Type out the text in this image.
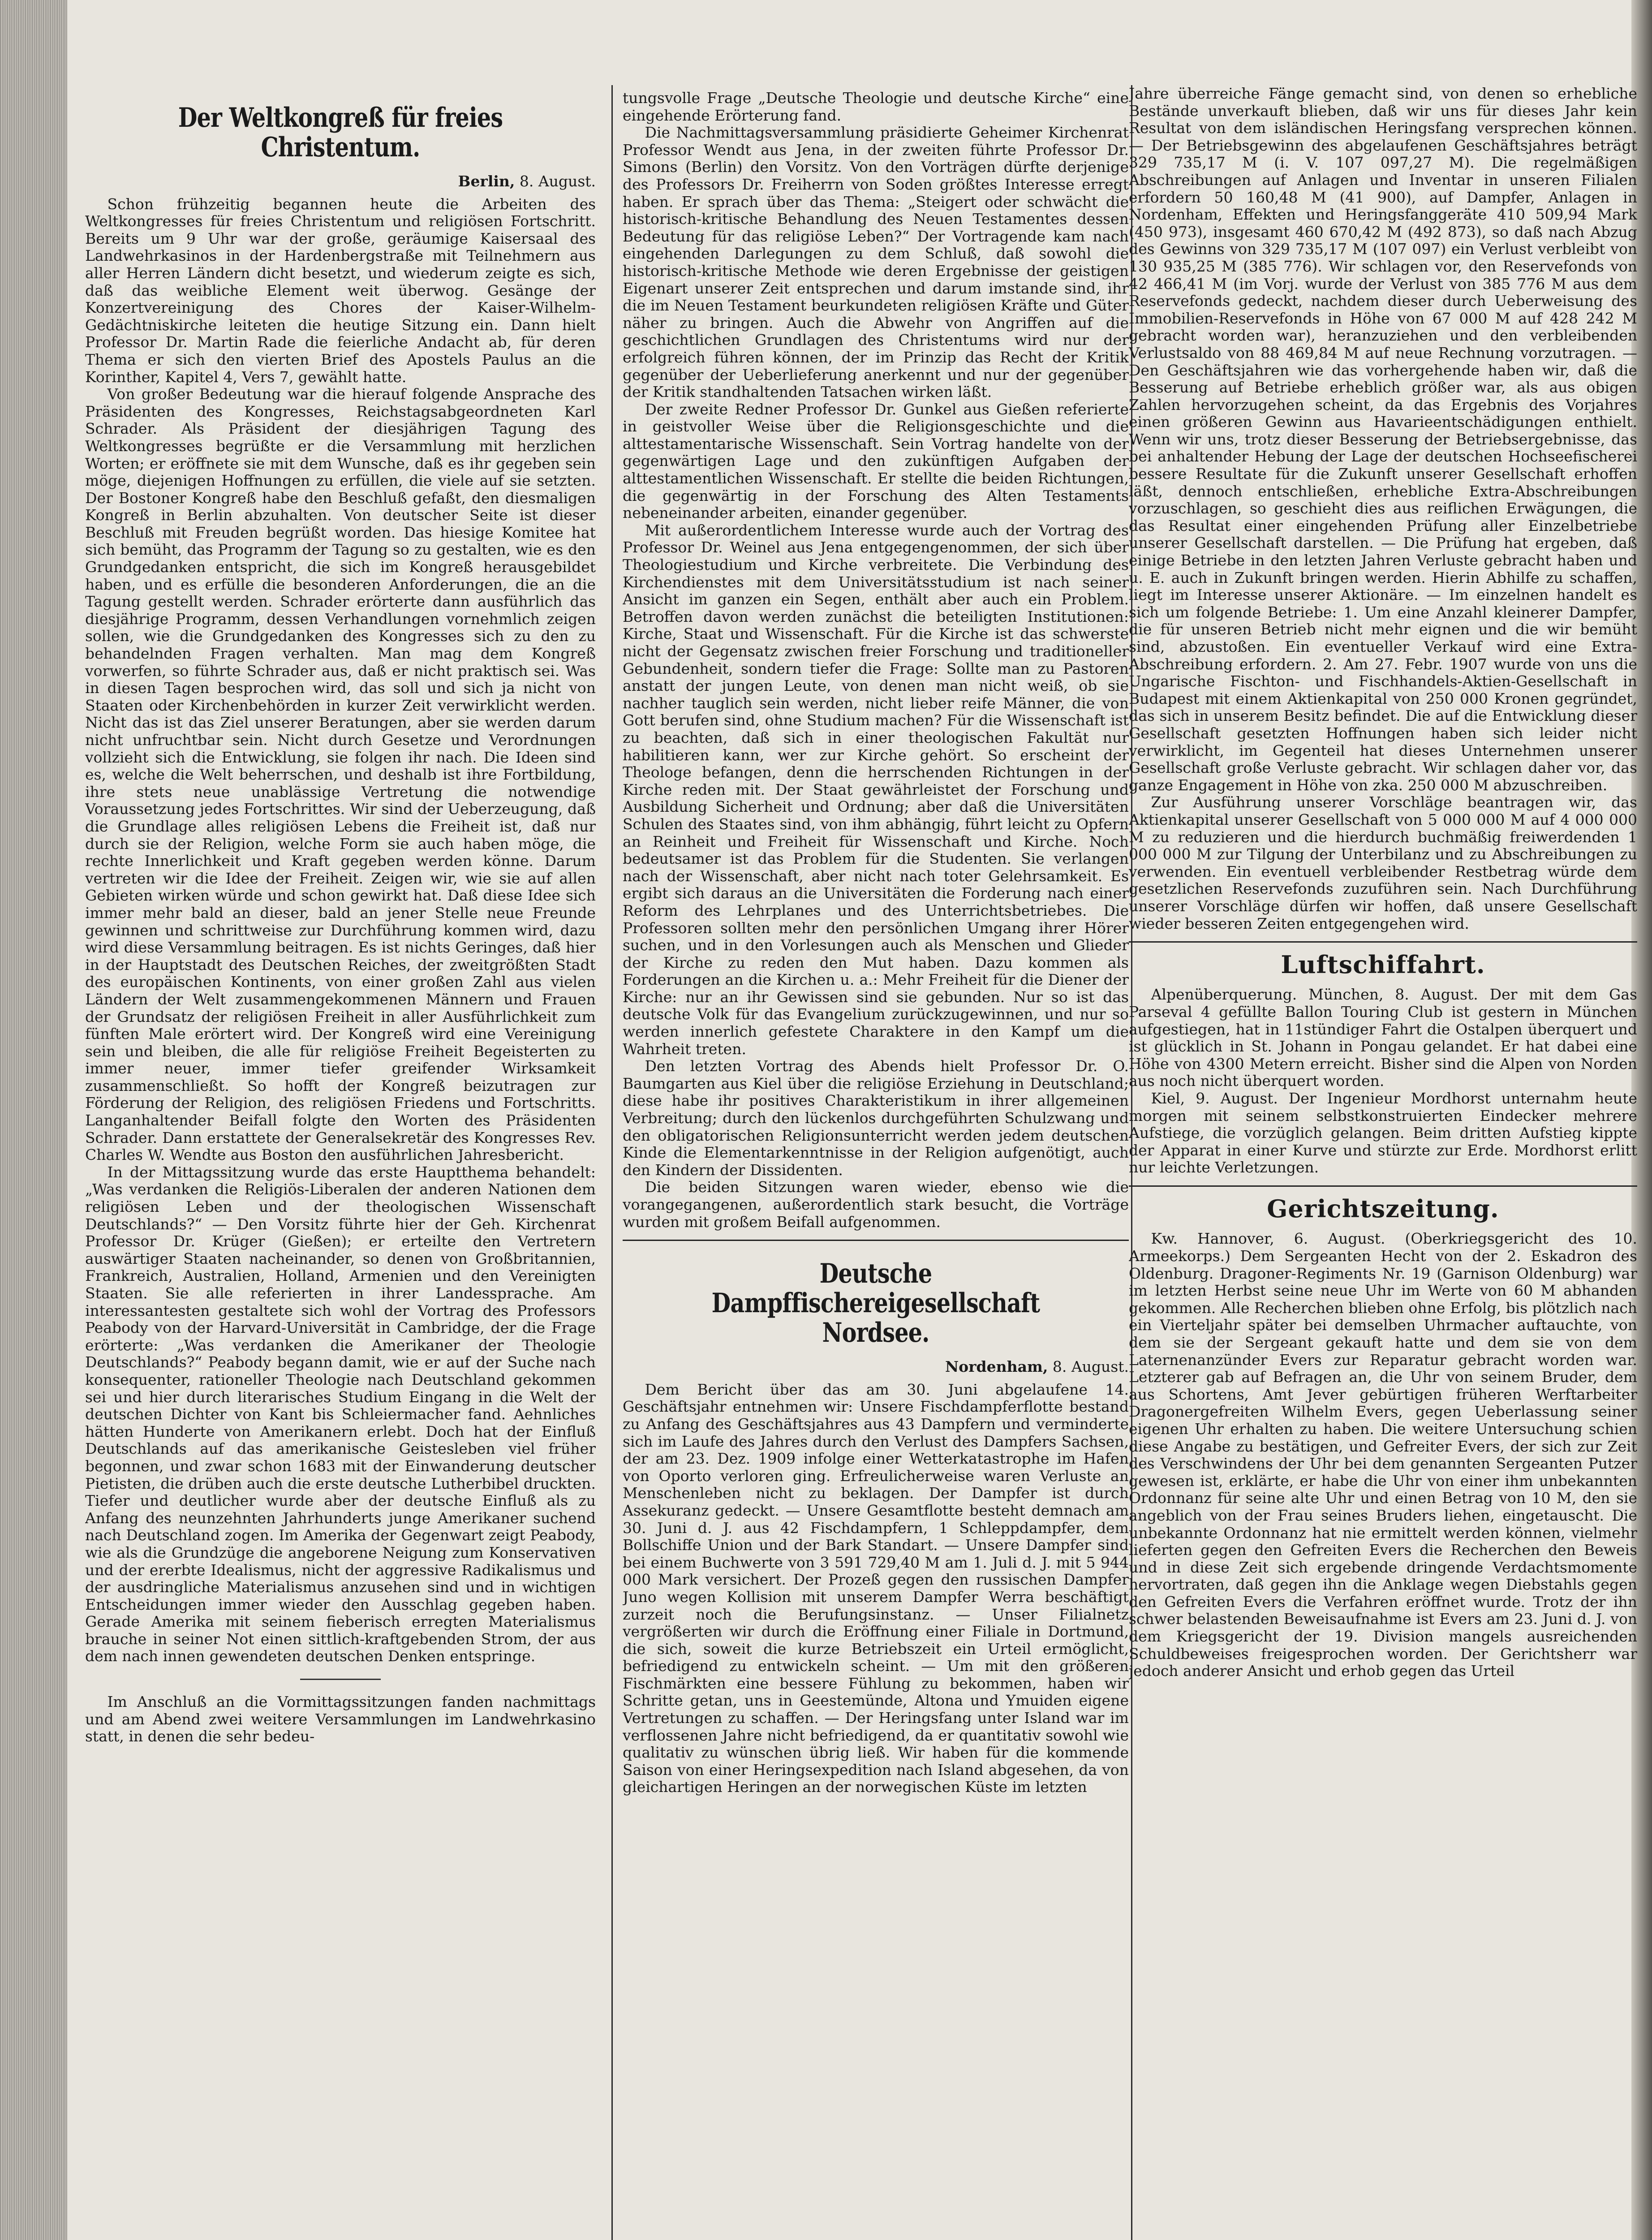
Der Weltkongreß für freies Christentum.
Berlin, 8. August.

Schon frühzeitig begannen heute die Arbeiten des Weltkongresses für freies Christentum und religiösen Fortschritt. Bereits um 9 Uhr war der große, geräumige Kaisersaal des Landwehrkasinos in der Hardenbergstraße mit Teilnehmern aus aller Herren Ländern dicht besetzt, und wiederum zeigte es sich, daß das weibliche Element weit überwog. Gesänge der Konzertvereinigung des Chores der Kaiser-Wilhelm-Gedächtniskirche leiteten die heutige Sitzung ein. Dann hielt Professor Dr. Martin Rade die feierliche Andacht ab, für deren Thema er sich den vierten Brief des Apostels Paulus an die Korinther, Kapitel 4, Vers 7, gewählt hatte.

Von großer Bedeutung war die hierauf folgende Ansprache des Präsidenten des Kongresses, Reichstagsabgeordneten Karl Schrader. Als Präsident der diesjährigen Tagung des Weltkongresses begrüßte er die Versammlung mit herzlichen Worten; er eröffnete sie mit dem Wunsche, daß es ihr gegeben sein möge, diejenigen Hoffnungen zu erfüllen, die viele auf sie setzten. Der Bostoner Kongreß habe den Beschluß gefaßt, den diesmaligen Kongreß in Berlin abzuhalten. Von deutscher Seite ist dieser Beschluß mit Freuden begrüßt worden. Das hiesige Komitee hat sich bemüht, das Programm der Tagung so zu gestalten, wie es den Grundgedanken entspricht, die sich im Kongreß herausgebildet haben, und es erfülle die besonderen Anforderungen, die an die Tagung gestellt werden. Schrader erörterte dann ausführlich das diesjährige Programm, dessen Verhandlungen vornehmlich zeigen sollen, wie die Grundgedanken des Kongresses sich zu den zu behandelnden Fragen verhalten. Man mag dem Kongreß vorwerfen, so führte Schrader aus, daß er nicht praktisch sei. Was in diesen Tagen besprochen wird, das soll und sich ja nicht von Staaten oder Kirchenbehörden in kurzer Zeit verwirklicht werden. Nicht das ist das Ziel unserer Beratungen, aber sie werden darum nicht unfruchtbar sein. Nicht durch Gesetze und Verordnungen vollzieht sich die Entwicklung, sie folgen ihr nach. Die Ideen sind es, welche die Welt beherrschen, und deshalb ist ihre Fortbildung, ihre stets neue unablässige Vertretung die notwendige Voraussetzung jedes Fortschrittes. Wir sind der Ueberzeugung, daß die Grundlage alles religiösen Lebens die Freiheit ist, daß nur durch sie der Religion, welche Form sie auch haben möge, die rechte Innerlichkeit und Kraft gegeben werden könne. Darum vertreten wir die Idee der Freiheit. Zeigen wir, wie sie auf allen Gebieten wirken würde und schon gewirkt hat. Daß diese Idee sich immer mehr bald an dieser, bald an jener Stelle neue Freunde gewinnen und schrittweise zur Durchführung kommen wird, dazu wird diese Versammlung beitragen. Es ist nichts Geringes, daß hier in der Hauptstadt des Deutschen Reiches, der zweitgrößten Stadt des europäischen Kontinents, von einer großen Zahl aus vielen Ländern der Welt zusammengekommenen Männern und Frauen der Grundsatz der religiösen Freiheit in aller Ausführlichkeit zum fünften Male erörtert wird. Der Kongreß wird eine Vereinigung sein und bleiben, die alle für religiöse Freiheit Begeisterten zu immer neuer, immer tiefer greifender Wirksamkeit zusammenschließt. So hofft der Kongreß beizutragen zur Förderung der Religion, des religiösen Friedens und Fortschritts. Langanhaltender Beifall folgte den Worten des Präsidenten Schrader. Dann erstattete der Generalsekretär des Kongresses Rev. Charles W. Wendte aus Boston den ausführlichen Jahresbericht.

In der Mittagssitzung wurde das erste Hauptthema behandelt: „Was verdanken die Religiös-Liberalen der anderen Nationen dem religiösen Leben und der theologischen Wissenschaft Deutschlands?“ — Den Vorsitz führte hier der Geh. Kirchenrat Professor Dr. Krüger (Gießen); er erteilte den Vertretern auswärtiger Staaten nacheinander, so denen von Großbritannien, Frankreich, Australien, Holland, Armenien und den Vereinigten Staaten. Sie alle referierten in ihrer Landessprache. Am interessantesten gestaltete sich wohl der Vortrag des Professors Peabody von der Harvard-Universität in Cambridge, der die Frage erörterte: „Was verdanken die Amerikaner der Theologie Deutschlands?“ Peabody begann damit, wie er auf der Suche nach konsequenter, rationeller Theologie nach Deutschland gekommen sei und hier durch literarisches Studium Eingang in die Welt der deutschen Dichter von Kant bis Schleiermacher fand. Aehnliches hätten Hunderte von Amerikanern erlebt. Doch hat der Einfluß Deutschlands auf das amerikanische Geistesleben viel früher begonnen, und zwar schon 1683 mit der Einwanderung deutscher Pietisten, die drüben auch die erste deutsche Lutherbibel druckten. Tiefer und deutlicher wurde aber der deutsche Einfluß als zu Anfang des neunzehnten Jahrhunderts junge Amerikaner suchend nach Deutschland zogen. Im Amerika der Gegenwart zeigt Peabody, wie als die Grundzüge die angeborene Neigung zum Konservativen und der ererbte Idealismus, nicht der aggressive Radikalismus und der ausdringliche Materialismus anzusehen sind und in wichtigen Entscheidungen immer wieder den Ausschlag gegeben haben. Gerade Amerika mit seinem fieberisch erregten Materialismus brauche in seiner Not einen sittlich-kraftgebenden Strom, der aus dem nach innen gewendeten deutschen Denken entspringe.

Im Anschluß an die Vormittagssitzungen fanden nachmittags und am Abend zwei weitere Versammlungen im Landwehrkasino statt, in denen die sehr bedeu-

tungsvolle Frage „Deutsche Theologie und deutsche Kirche“ eine eingehende Erörterung fand.

Die Nachmittagsversammlung präsidierte Geheimer Kirchenrat Professor Wendt aus Jena, in der zweiten führte Professor Dr. Simons (Berlin) den Vorsitz. Von den Vorträgen dürfte derjenige des Professors Dr. Freiherrn von Soden größtes Interesse erregt haben. Er sprach über das Thema: „Steigert oder schwächt die historisch-kritische Behandlung des Neuen Testamentes dessen Bedeutung für das religiöse Leben?“ Der Vortragende kam nach eingehenden Darlegungen zu dem Schluß, daß sowohl die historisch-kritische Methode wie deren Ergebnisse der geistigen Eigenart unserer Zeit entsprechen und darum imstande sind, ihr die im Neuen Testament beurkundeten religiösen Kräfte und Güter näher zu bringen. Auch die Abwehr von Angriffen auf die geschichtlichen Grundlagen des Christentums wird nur der erfolgreich führen können, der im Prinzip das Recht der Kritik gegenüber der Ueberlieferung anerkennt und nur der gegenüber der Kritik standhaltenden Tatsachen wirken läßt.

Der zweite Redner Professor Dr. Gunkel aus Gießen referierte in geistvoller Weise über die Religionsgeschichte und die alttestamentarische Wissenschaft. Sein Vortrag handelte von der gegenwärtigen Lage und den zukünftigen Aufgaben der alttestamentlichen Wissenschaft. Er stellte die beiden Richtungen, die gegenwärtig in der Forschung des Alten Testaments nebeneinander arbeiten, einander gegenüber.

Mit außerordentlichem Interesse wurde auch der Vortrag des Professor Dr. Weinel aus Jena entgegengenommen, der sich über Theologiestudium und Kirche verbreitete. Die Verbindung des Kirchendienstes mit dem Universitätsstudium ist nach seiner Ansicht im ganzen ein Segen, enthält aber auch ein Problem. Betroffen davon werden zunächst die beteiligten Institutionen: Kirche, Staat und Wissenschaft. Für die Kirche ist das schwerste nicht der Gegensatz zwischen freier Forschung und traditioneller Gebundenheit, sondern tiefer die Frage: Sollte man zu Pastoren anstatt der jungen Leute, von denen man nicht weiß, ob sie nachher tauglich sein werden, nicht lieber reife Männer, die von Gott berufen sind, ohne Studium machen? Für die Wissenschaft ist zu beachten, daß sich in einer theologischen Fakultät nur habilitieren kann, wer zur Kirche gehört. So erscheint der Theologe befangen, denn die herrschenden Richtungen in der Kirche reden mit. Der Staat gewährleistet der Forschung und Ausbildung Sicherheit und Ordnung; aber daß die Universitäten Schulen des Staates sind, von ihm abhängig, führt leicht zu Opfern an Reinheit und Freiheit für Wissenschaft und Kirche. Noch bedeutsamer ist das Problem für die Studenten. Sie verlangen nach der Wissenschaft, aber nicht nach toter Gelehrsamkeit. Es ergibt sich daraus an die Universitäten die Forderung nach einer Reform des Lehrplanes und des Unterrichtsbetriebes. Die Professoren sollten mehr den persönlichen Umgang ihrer Hörer suchen, und in den Vorlesungen auch als Menschen und Glieder der Kirche zu reden den Mut haben. Dazu kommen als Forderungen an die Kirchen u. a.: Mehr Freiheit für die Diener der Kirche: nur an ihr Gewissen sind sie gebunden. Nur so ist das deutsche Volk für das Evangelium zurückzugewinnen, und nur so werden innerlich gefestete Charaktere in den Kampf um die Wahrheit treten.

Den letzten Vortrag des Abends hielt Professor Dr. O. Baumgarten aus Kiel über die religiöse Erziehung in Deutschland; diese habe ihr positives Charakteristikum in ihrer allgemeinen Verbreitung; durch den lückenlos durchgeführten Schulzwang und den obligatorischen Religionsunterricht werden jedem deutschen Kinde die Elementarkenntnisse in der Religion aufgenötigt, auch den Kindern der Dissidenten.

Die beiden Sitzungen waren wieder, ebenso wie die vorangegangenen, außerordentlich stark besucht, die Vorträge wurden mit großem Beifall aufgenommen.

Deutsche Dampffischereigesellschaft Nordsee.
Nordenham, 8. August.

Dem Bericht über das am 30. Juni abgelaufene 14. Geschäftsjahr entnehmen wir: Unsere Fischdampferflotte bestand zu Anfang des Geschäftsjahres aus 43 Dampfern und verminderte sich im Laufe des Jahres durch den Verlust des Dampfers Sachsen, der am 23. Dez. 1909 infolge einer Wetterkatastrophe im Hafen von Oporto verloren ging. Erfreulicherweise waren Verluste an Menschenleben nicht zu beklagen. Der Dampfer ist durch Assekuranz gedeckt. — Unsere Gesamtflotte besteht demnach am 30. Juni d. J. aus 42 Fischdampfern, 1 Schleppdampfer, dem Bollschiffe Union und der Bark Standart. — Unsere Dampfer sind bei einem Buchwerte von 3 591 729,40 M am 1. Juli d. J. mit 5 944 000 Mark versichert. Der Prozeß gegen den russischen Dampfer Juno wegen Kollision mit unserem Dampfer Werra beschäftigt zurzeit noch die Berufungsinstanz. — Unser Filialnetz vergrößerten wir durch die Eröffnung einer Filiale in Dortmund, die sich, soweit die kurze Betriebszeit ein Urteil ermöglicht, befriedigend zu entwickeln scheint. — Um mit den größeren Fischmärkten eine bessere Fühlung zu bekommen, haben wir Schritte getan, uns in Geestemünde, Altona und Ymuiden eigene Vertretungen zu schaffen. — Der Heringsfang unter Island war im verflossenen Jahre nicht befriedigend, da er quantitativ sowohl wie qualitativ zu wünschen übrig ließ. Wir haben für die kommende Saison von einer Heringsexpedition nach Island abgesehen, da von gleichartigen Heringen an der norwegischen Küste im letzten

Jahre überreiche Fänge gemacht sind, von denen so erhebliche Bestände unverkauft blieben, daß wir uns für dieses Jahr kein Resultat von dem isländischen Heringsfang versprechen können. — Der Betriebsgewinn des abgelaufenen Geschäftsjahres beträgt 329 735,17 M (i. V. 107 097,27 M). Die regelmäßigen Abschreibungen auf Anlagen und Inventar in unseren Filialen erfordern 50 160,48 M (41 900), auf Dampfer, Anlagen in Nordenham, Effekten und Heringsfanggeräte 410 509,94 Mark (450 973), insgesamt 460 670,42 M (492 873), so daß nach Abzug des Gewinns von 329 735,17 M (107 097) ein Verlust verbleibt von 130 935,25 M (385 776). Wir schlagen vor, den Reservefonds von 42 466,41 M (im Vorj. wurde der Verlust von 385 776 M aus dem Reservefonds gedeckt, nachdem dieser durch Ueberweisung des Immobilien-Reservefonds in Höhe von 67 000 M auf 428 242 M gebracht worden war), heranzuziehen und den verbleibenden Verlustsaldo von 88 469,84 M auf neue Rechnung vorzutragen. — Den Geschäftsjahren wie das vorhergehende haben wir, daß die Besserung auf Betriebe erheblich größer war, als aus obigen Zahlen hervorzugehen scheint, da das Ergebnis des Vorjahres einen größeren Gewinn aus Havarieentschädigungen enthielt. Wenn wir uns, trotz dieser Besserung der Betriebsergebnisse, das bei anhaltender Hebung der Lage der deutschen Hochseefischerei bessere Resultate für die Zukunft unserer Gesellschaft erhoffen läßt, dennoch entschließen, erhebliche Extra-Abschreibungen vorzuschlagen, so geschieht dies aus reiflichen Erwägungen, die das Resultat einer eingehenden Prüfung aller Einzelbetriebe unserer Gesellschaft darstellen. — Die Prüfung hat ergeben, daß einige Betriebe in den letzten Jahren Verluste gebracht haben und u. E. auch in Zukunft bringen werden. Hierin Abhilfe zu schaffen, liegt im Interesse unserer Aktionäre. — Im einzelnen handelt es sich um folgende Betriebe: 1. Um eine Anzahl kleinerer Dampfer, die für unseren Betrieb nicht mehr eignen und die wir bemüht sind, abzustoßen. Ein eventueller Verkauf wird eine Extra-Abschreibung erfordern. 2. Am 27. Febr. 1907 wurde von uns die Ungarische Fischton- und Fischhandels-Aktien-Gesellschaft in Budapest mit einem Aktienkapital von 250 000 Kronen gegründet, das sich in unserem Besitz befindet. Die auf die Entwicklung dieser Gesellschaft gesetzten Hoffnungen haben sich leider nicht verwirklicht, im Gegenteil hat dieses Unternehmen unserer Gesellschaft große Verluste gebracht. Wir schlagen daher vor, das ganze Engagement in Höhe von zka. 250 000 M abzuschreiben.

Zur Ausführung unserer Vorschläge beantragen wir, das Aktienkapital unserer Gesellschaft von 5 000 000 M auf 4 000 000 M zu reduzieren und die hierdurch buchmäßig freiwerdenden 1 000 000 M zur Tilgung der Unterbilanz und zu Abschreibungen zu verwenden. Ein eventuell verbleibender Restbetrag würde dem gesetzlichen Reservefonds zuzuführen sein. Nach Durchführung unserer Vorschläge dürfen wir hoffen, daß unsere Gesellschaft wieder besseren Zeiten entgegengehen wird.

Luftschiffahrt.

Alpenüberquerung. München, 8. August. Der mit dem Gas Parseval 4 gefüllte Ballon Touring Club ist gestern in München aufgestiegen, hat in 11stündiger Fahrt die Ostalpen überquert und ist glücklich in St. Johann in Pongau gelandet. Er hat dabei eine Höhe von 4300 Metern erreicht. Bisher sind die Alpen von Norden aus noch nicht überquert worden.

Kiel, 9. August. Der Ingenieur Mordhorst unternahm heute morgen mit seinem selbstkonstruierten Eindecker mehrere Aufstiege, die vorzüglich gelangen. Beim dritten Aufstieg kippte der Apparat in einer Kurve und stürzte zur Erde. Mordhorst erlitt nur leichte Verletzungen.

Gerichtszeitung.

Kw. Hannover, 6. August. (Oberkriegsgericht des 10. Armeekorps.) Dem Sergeanten Hecht von der 2. Eskadron des Oldenburg. Dragoner-Regiments Nr. 19 (Garnison Oldenburg) war im letzten Herbst seine neue Uhr im Werte von 60 M abhanden gekommen. Alle Recherchen blieben ohne Erfolg, bis plötzlich nach ein Vierteljahr später bei demselben Uhrmacher auftauchte, von dem sie der Sergeant gekauft hatte und dem sie von dem Laternenanzünder Evers zur Reparatur gebracht worden war. Letzterer gab auf Befragen an, die Uhr von seinem Bruder, dem aus Schortens, Amt Jever gebürtigen früheren Werftarbeiter Dragonergefreiten Wilhelm Evers, gegen Ueberlassung seiner eigenen Uhr erhalten zu haben. Die weitere Untersuchung schien diese Angabe zu bestätigen, und Gefreiter Evers, der sich zur Zeit des Verschwindens der Uhr bei dem genannten Sergeanten Putzer gewesen ist, erklärte, er habe die Uhr von einer ihm unbekannten Ordonnanz für seine alte Uhr und einen Betrag von 10 M, den sie angeblich von der Frau seines Bruders liehen, eingetauscht. Die unbekannte Ordonnanz hat nie ermittelt werden können, vielmehr lieferten gegen den Gefreiten Evers die Recherchen den Beweis und in diese Zeit sich ergebende dringende Verdachtsmomente hervortraten, daß gegen ihn die Anklage wegen Diebstahls gegen den Gefreiten Evers die Verfahren eröffnet wurde. Trotz der ihn schwer belastenden Beweisaufnahme ist Evers am 23. Juni d. J. von dem Kriegsgericht der 19. Division mangels ausreichenden Schuldbeweises freigesprochen worden. Der Gerichtsherr war jedoch anderer Ansicht und erhob gegen das Urteil
